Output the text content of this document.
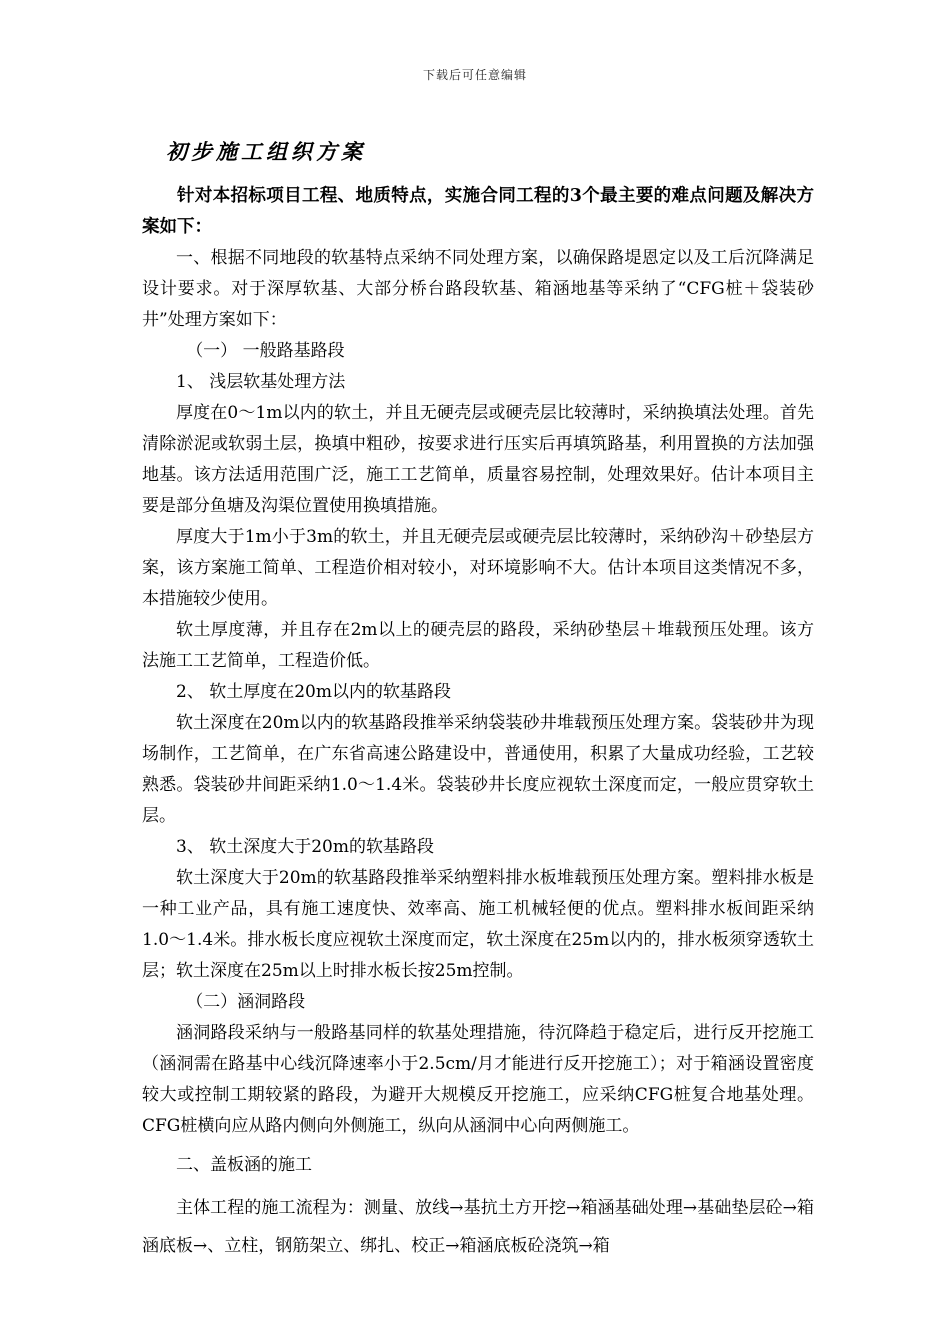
下载后可任意编辑
初步施工组织方案

针对本招标项目工程、地质特点，实施合同工程的3个最主要的难点问题及解决方案如下：

一、根据不同地段的软基特点采纳不同处理方案，以确保路堤恩定以及工后沉降满足设计要求。对于深厚软基、大部分桥台路段软基、箱涵地基等采纳了“CFG桩＋袋装砂井”处理方案如下：

（一） 一般路基路段

1、 浅层软基处理方法

厚度在0～1m以内的软土，并且无硬壳层或硬壳层比较薄时，采纳换填法处理。首先清除淤泥或软弱土层，换填中粗砂，按要求进行压实后再填筑路基，利用置换的方法加强地基。该方法适用范围广泛，施工工艺简单，质量容易控制，处理效果好。估计本项目主要是部分鱼塘及沟渠位置使用换填措施。

厚度大于1m小于3m的软土，并且无硬壳层或硬壳层比较薄时，采纳砂沟＋砂垫层方案，该方案施工简单、工程造价相对较小，对环境影响不大。估计本项目这类情况不多，本措施较少使用。

软土厚度薄，并且存在2m以上的硬壳层的路段，采纳砂垫层＋堆载预压处理。该方法施工工艺简单，工程造价低。

2、 软土厚度在20m以内的软基路段

软土深度在20m以内的软基路段推举采纳袋装砂井堆载预压处理方案。袋装砂井为现场制作，工艺简单，在广东省高速公路建设中，普通使用，积累了大量成功经验，工艺较熟悉。袋装砂井间距采纳1.0～1.4米。袋装砂井长度应视软土深度而定，一般应贯穿软土层。

3、 软土深度大于20m的软基路段

软土深度大于20m的软基路段推举采纳塑料排水板堆载预压处理方案。塑料排水板是一种工业产品，具有施工速度快、效率高、施工机械轻便的优点。塑料排水板间距采纳1.0～1.4米。排水板长度应视软土深度而定，软土深度在25m以内的，排水板须穿透软土层；软土深度在25m以上时排水板长按25m控制。

（二）涵洞路段

涵洞路段采纳与一般路基同样的软基处理措施，待沉降趋于稳定后，进行反开挖施工（涵洞需在路基中心线沉降速率小于2.5cm/月才能进行反开挖施工）；对于箱涵设置密度较大或控制工期较紧的路段，为避开大规模反开挖施工，应采纳CFG桩复合地基处理。CFG桩横向应从路内侧向外侧施工，纵向从涵洞中心向两侧施工。

二、盖板涵的施工

主体工程的施工流程为：测量、放线→基抗土方开挖→箱涵基础处理→基础垫层砼→箱涵底板→、立柱，钢筋架立、绑扎、校正→箱涵底板砼浇筑→箱
